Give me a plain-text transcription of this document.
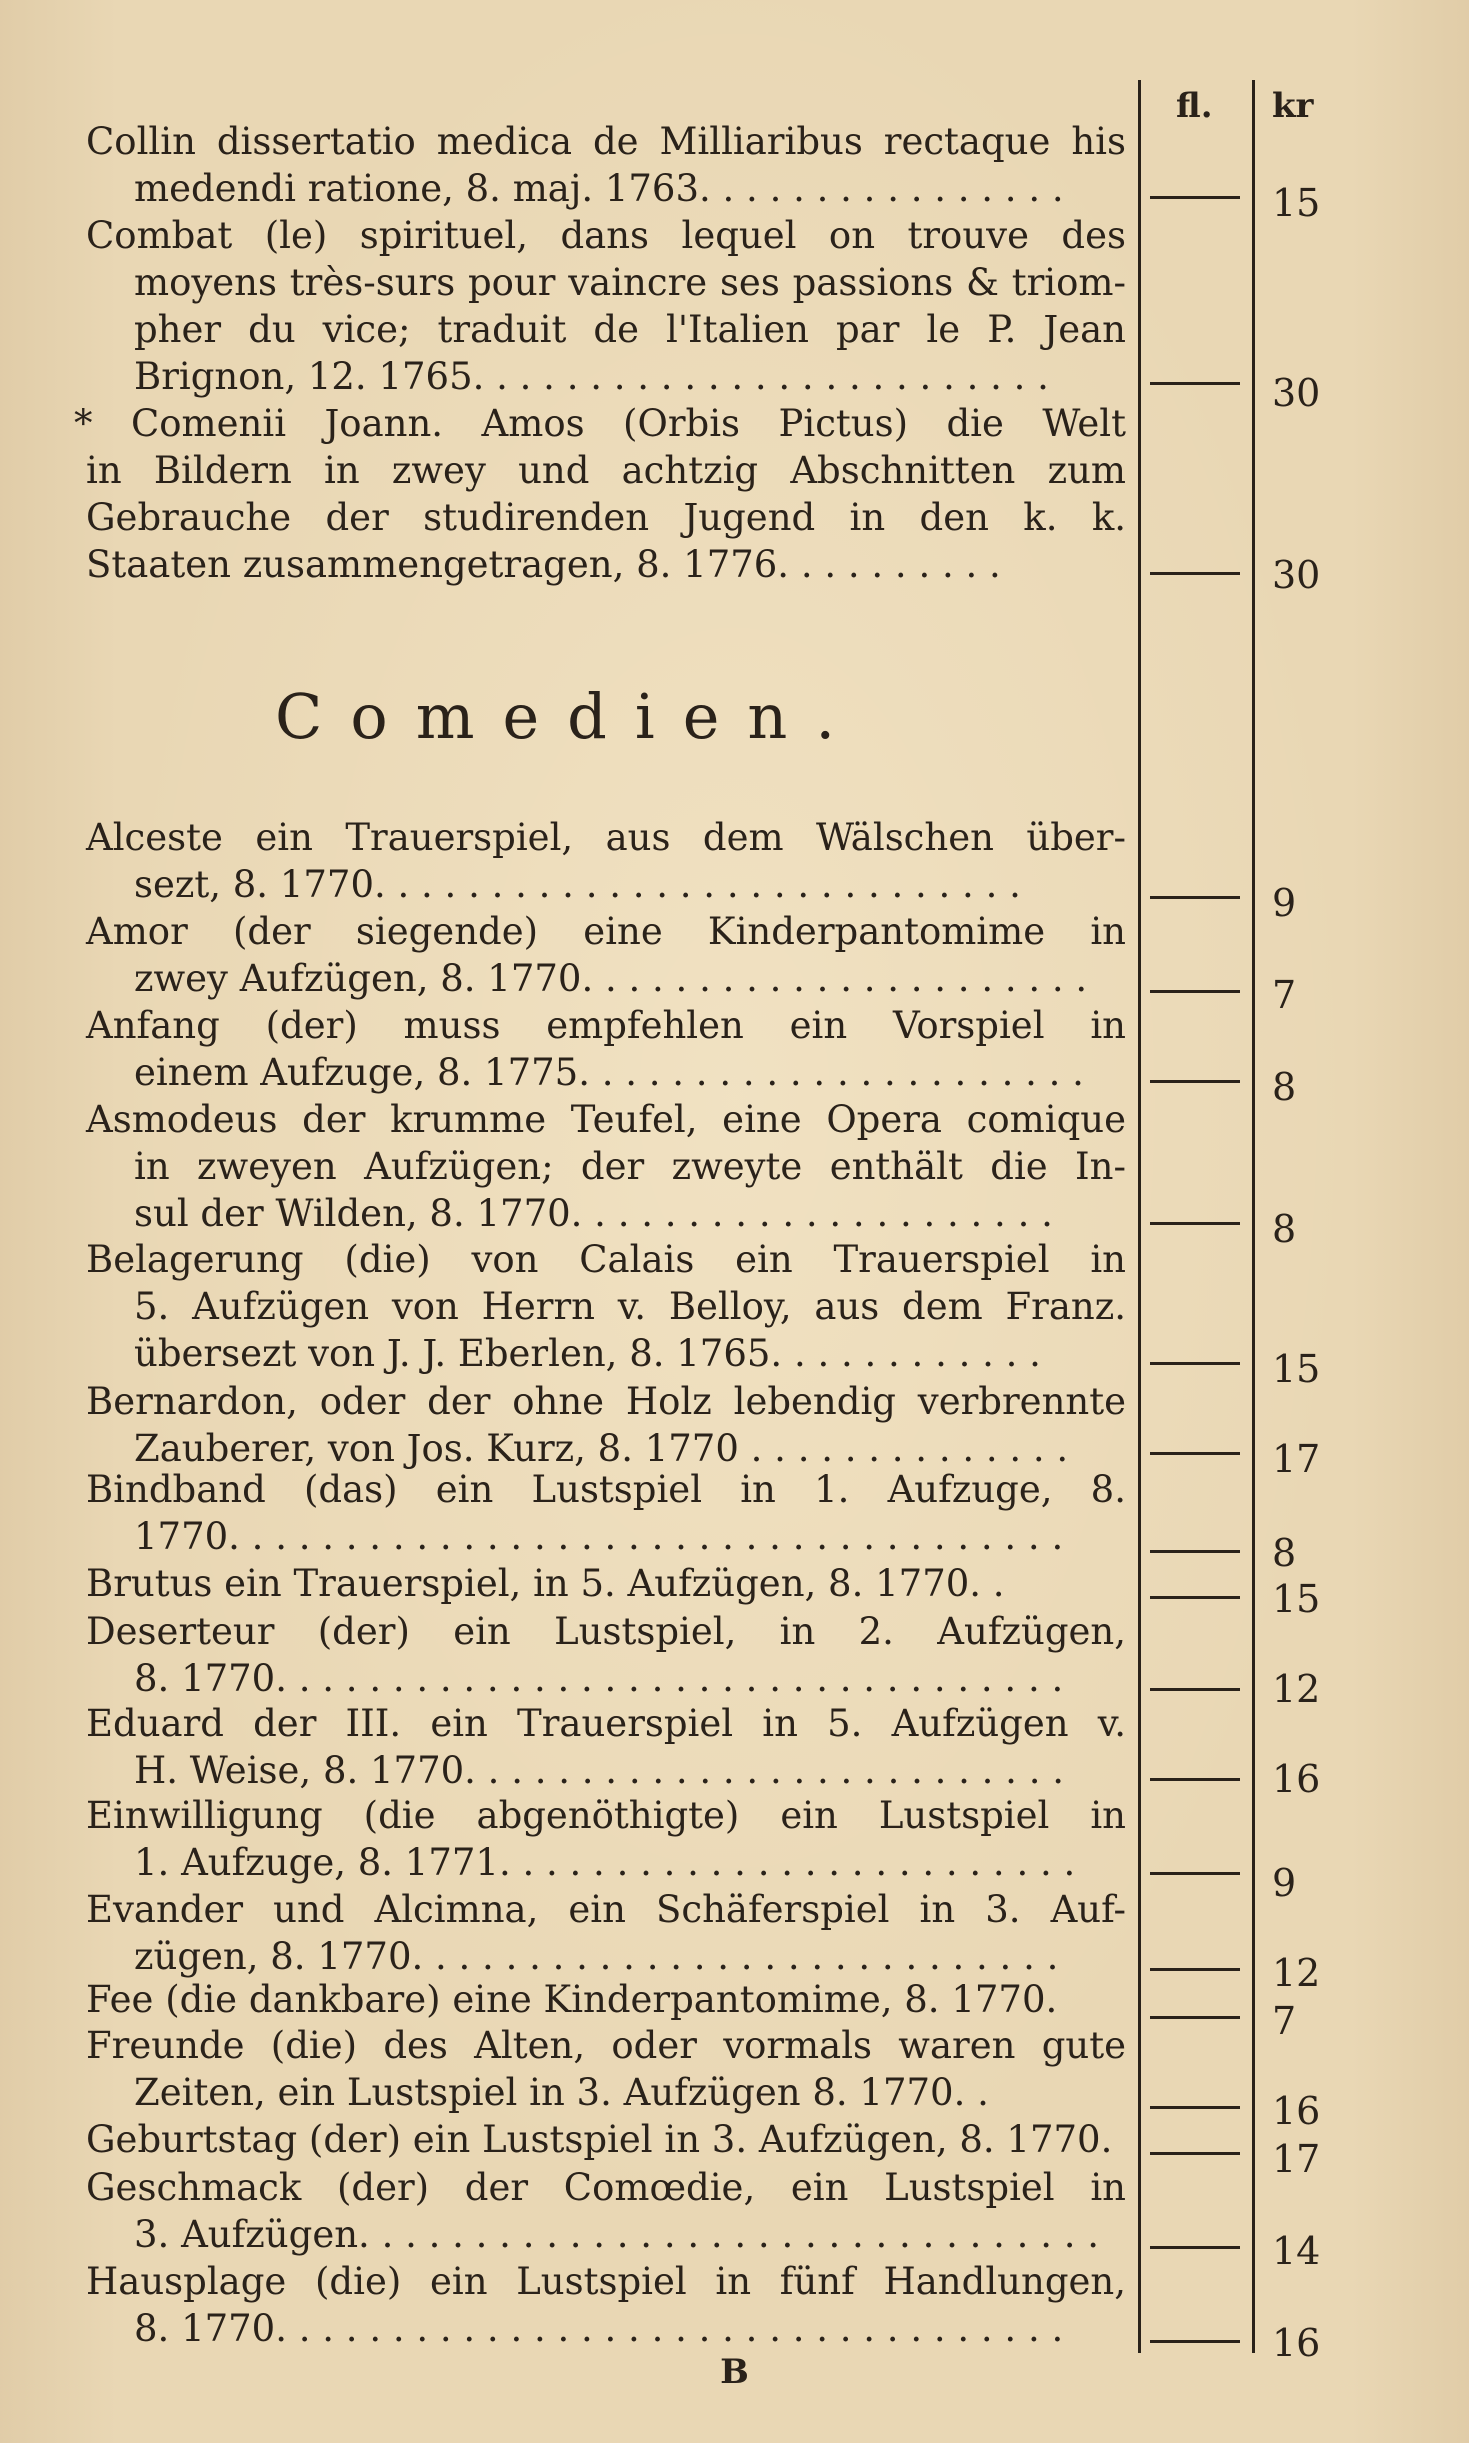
fl. kr
Collin dissertatio medica de Milliaribus rectaque his
medendi ratione, 8. maj. 1763. . . . . . . . . . . . . . . .	15
Combat (le) spirituel, dans lequel on trouve des
moyens très-surs pour vaincre ses passions & triom-
pher du vice; traduit de l'Italien par le P. Jean
Brignon, 12. 1765. . . . . . . . . . . . . . . . . . . . . . . . .	30
* Comenii Joann. Amos (Orbis Pictus) die Welt
in Bildern in zwey und achtzig Abschnitten zum
Gebrauche der studirenden Jugend in den k. k.
Staaten zusammengetragen, 8. 1776. . . . . . . . . .	30
Comedien.
Alceste ein Trauerspiel, aus dem Wälschen über-
sezt, 8. 1770. . . . . . . . . . . . . . . . . . . . . . . . . . . .	9
Amor (der siegende) eine Kinderpantomime in
zwey Aufzügen, 8. 1770. . . . . . . . . . . . . . . . . . . . . .	7
Anfang (der) muss empfehlen ein Vorspiel in
einem Aufzuge, 8. 1775. . . . . . . . . . . . . . . . . . . . . .	8
Asmodeus der krumme Teufel, eine Opera comique
in zweyen Aufzügen; der zweyte enthält die In-
sul der Wilden, 8. 1770. . . . . . . . . . . . . . . . . . . . .	8
Belagerung (die) von Calais ein Trauerspiel in
5. Aufzügen von Herrn v. Belloy, aus dem Franz.
übersezt von J. J. Eberlen, 8. 1765. . . . . . . . . . . .	15
Bernardon, oder der ohne Holz lebendig verbrennte
Zauberer, von Jos. Kurz, 8. 1770 . . . . . . . . . . . . . .	17
Bindband (das) ein Lustspiel in 1. Aufzuge, 8.
1770. . . . . . . . . . . . . . . . . . . . . . . . . . . . . . . . . . . .	8
Brutus ein Trauerspiel, in 5. Aufzügen, 8. 1770. .	15
Deserteur (der) ein Lustspiel, in 2. Aufzügen,
8. 1770. . . . . . . . . . . . . . . . . . . . . . . . . . . . . . . . . .	12
Eduard der III. ein Trauerspiel in 5. Aufzügen v.
H. Weise, 8. 1770. . . . . . . . . . . . . . . . . . . . . . . . . .	16
Einwilligung (die abgenöthigte) ein Lustspiel in
1. Aufzuge, 8. 1771. . . . . . . . . . . . . . . . . . . . . . . . .	9
Evander und Alcimna, ein Schäferspiel in 3. Auf-
zügen, 8. 1770. . . . . . . . . . . . . . . . . . . . . . . . . . . .	12
Fee (die dankbare) eine Kinderpantomime, 8. 1770.	7
Freunde (die) des Alten, oder vormals waren gute
Zeiten, ein Lustspiel in 3. Aufzügen 8. 1770. .	16
Geburtstag (der) ein Lustspiel in 3. Aufzügen, 8. 1770.	17
Geschmack (der) der Comœdie, ein Lustspiel in
3. Aufzügen. . . . . . . . . . . . . . . . . . . . . . . . . . . . . . . .	14
Hausplage (die) ein Lustspiel in fünf Handlungen,
8. 1770. . . . . . . . . . . . . . . . . . . . . . . . . . . . . . . . . .	16
B
